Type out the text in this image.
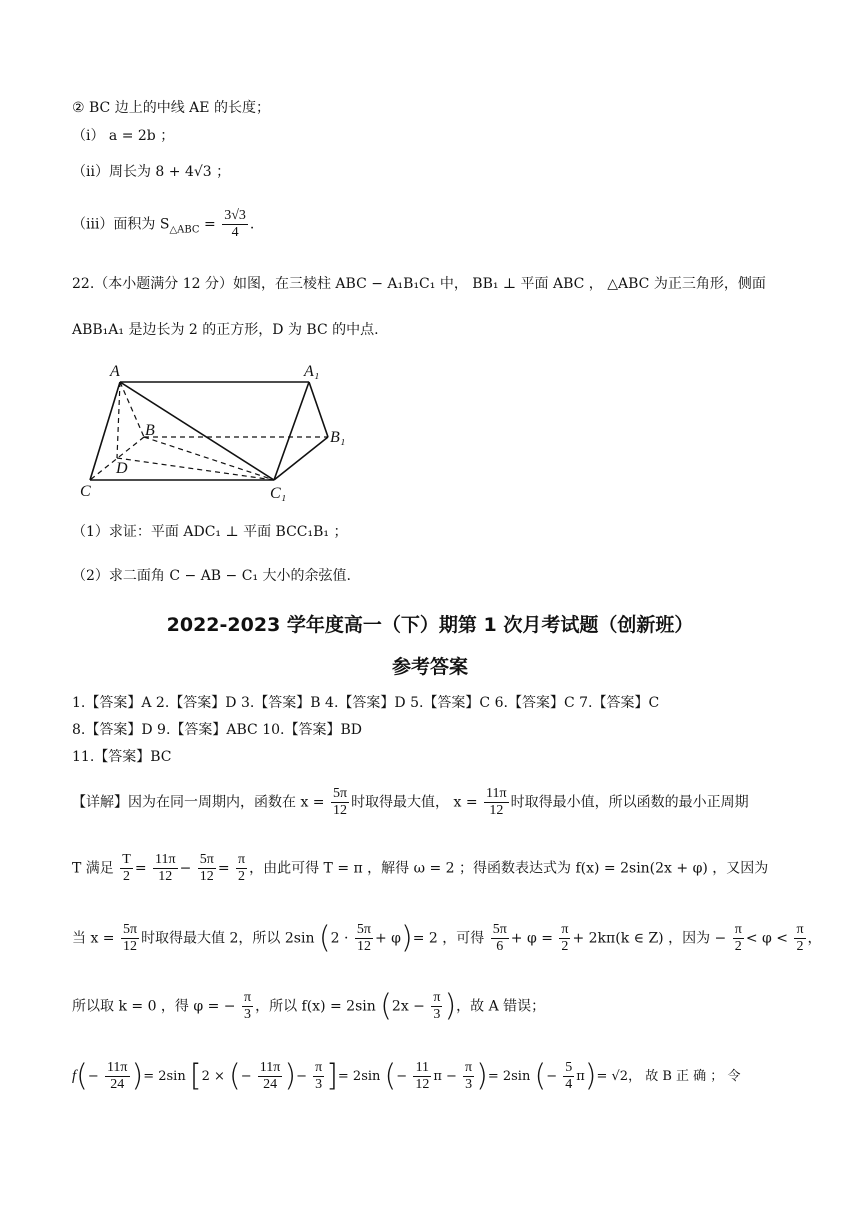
② BC 边上的中线 AE 的长度；
（ⅰ） a = 2b ；
（ⅱ）周长为 8 + 4√3 ；
（ⅲ）面积为 $S_{\triangle ABC} = \frac{3√3}{4}$ .
22.（本小题满分 12 分）如图，在三棱柱 ABC − A₁B₁C₁ 中， BB₁ ⊥ 平面 ABC ， △ABC 为正三角形，侧面
ABB₁A₁ 是边长为 2 的正方形，D 为 BC 的中点.
A	A₁
B	B₁
C	C₁
D
（1）求证：平面 ADC₁ ⊥ 平面 BCC₁B₁ ；
（2）求二面角 C − AB − C₁ 大小的余弦值.
2022-2023 学年度高一（下）期第 1 次月考试题（创新班）
参考答案
1.【答案】A 2.【答案】D 3.【答案】B 4.【答案】D 5.【答案】C 6.【答案】C 7.【答案】C
8.【答案】D 9.【答案】ABC 10.【答案】BD
11.【答案】BC
【详解】因为在同一周期内，函数在 $x = \frac{5\pi}{12}$ 时取得最大值， $x = \frac{11\pi}{12}$ 时取得最小值，所以函数的最小正周期
T 满足 $\frac{T}{2} = \frac{11\pi}{12} - \frac{5\pi}{12} = \frac{\pi}{2}$ ，由此可得 T = π ，解得 ω = 2 ；得函数表达式为 f(x) = 2sin(2x + φ) ，又因为
当 $x = \frac{5\pi}{12}$ 时取得最大值 2，所以 2sin $(2 \cdot \frac{5\pi}{12} + \varphi)= 2$ ，可得 $\frac{5\pi}{6} + \varphi = \frac{\pi}{2} + 2k\pi(k$ ∈ Z) ，因为 − $\frac{\pi}{2} < \varphi < \frac{\pi}{2}$ ，
所以取 k = 0 ，得 φ = − $\frac{\pi}{3}$ ，所以 f(x) = 2sin ($2x - \frac{\pi}{3}$ )，故 A 错误；
$f(- \frac{11\pi}{24}$ )= 2sin [2 × (− $\frac{11\pi}{24}$ )− $\frac{\pi}{3}$ ]= 2sin (− $\frac{11}{12}$ $\pi - \frac{\pi}{3}$ )= 2sin (− $\frac{5}{4} \pi)= √2$， 故 B 正 确 ； 令
